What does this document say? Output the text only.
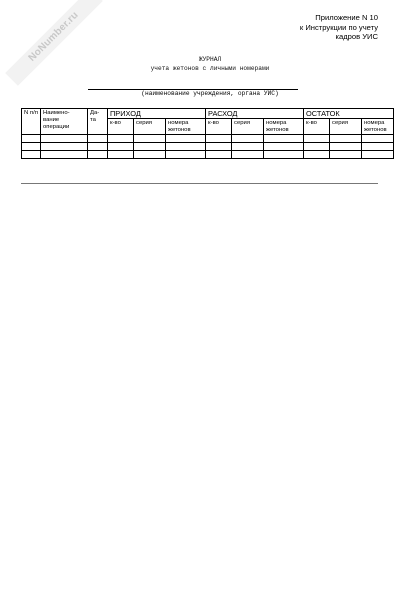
NoNumber.ru	Приложение N 10
к Инструкции по учету
кадров УИС
ЖУРНАЛ
учета жетонов с личными номерами
(наименование учреждения, органа УИС)
N п/п	Наимено- вание операции	Да- та	ПРИХОД			РАСХОД			ОСТАТОК		
			к-во	серия	номера жетонов	к-во	серия	номера жетонов	к-во	серия	номера жетонов
